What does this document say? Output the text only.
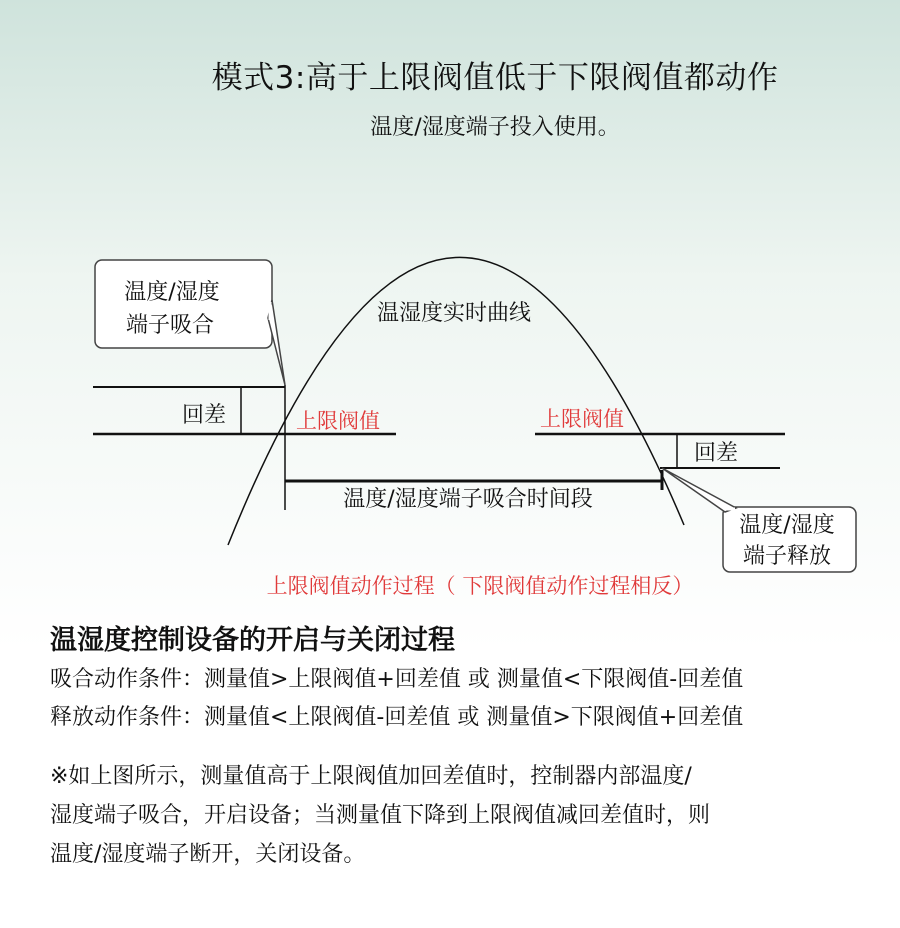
模式3:高于上限阀值低于下限阀值都动作
温度/湿度端子投入使用。
温度/湿度
端子吸合
温度/湿度
端子释放
温湿度实时曲线
回差
回差
上限阀值	上限阀值
温度/湿度端子吸合时间段
上限阀值动作过程（ 下限阀值动作过程相反）
温湿度控制设备的开启与关闭过程
吸合动作条件：测量值>上限阀值+回差值 或 测量值<下限阀值-回差值
释放动作条件：测量值<上限阀值-回差值 或 测量值>下限阀值+回差值
※如上图所示，测量值高于上限阀值加回差值时，控制器内部温度/
湿度端子吸合，开启设备；当测量值下降到上限阀值减回差值时，则
温度/湿度端子断开，关闭设备。
